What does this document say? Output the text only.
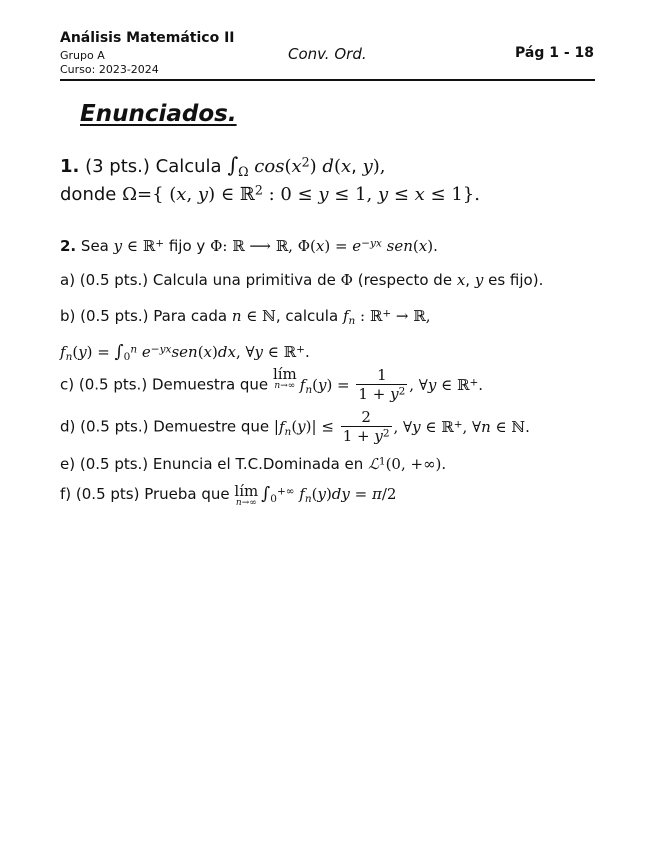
Análisis Matemático II
Grupo A
Curso: 2023-2024
Conv. Ord.	Pág 1 - 18
Enunciados.
1. (3 pts.) Calcula $\int_\Omega$ $\cos(x^2)$ d(x, y),
donde Ω={ (x, y) ∈ ℝ$^2$ : 0 ≤ y ≤ 1, y ≤ x ≤ 1}.
2. Sea y ∈ ℝ+ fijo y Φ: ℝ ⟶ ℝ, $\Phi(x) = e^{-yx}$ sen(x).
a) (0.5 pts.) Calcula una primitiva de Φ (respecto de x, y es fijo).
b) (0.5 pts.) Para cada n ∈ ℕ, calcula $f_n$ : ℝ+ → ℝ,
$f_n(y) = \int_0^n$ $e^{-yx}sen(x)dx$, ∀y ∈ ℝ+.
c) (0.5 pts.) Demuestra que lím
n→∞ $f_n(y) = \frac{1}{1 + y^2}$ , ∀y ∈ ℝ+.
d) (0.5 pts.) Demuestre que $|f_n(y)| \le \frac{2}{1 + y^2}$ , ∀y ∈ ℝ+, ∀n ∈ ℕ.
e) (0.5 pts.) Enuncia el T.C.Dominada en ℒ$^1$(0, +∞).
f) (0.5 pts) Prueba que lím
n→∞ $\int_0^{+\infty}$ $f_n(y)dy = \pi/2$
